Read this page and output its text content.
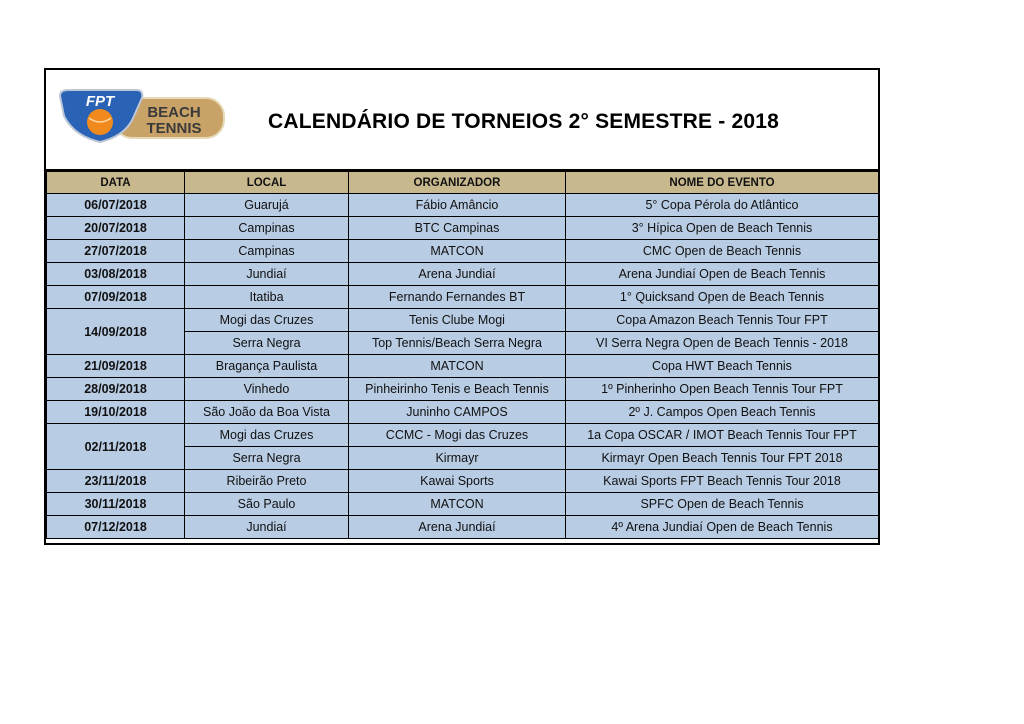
FPT
BEACH
TENNIS	CALENDÁRIO DE TORNEIOS 2° SEMESTRE - 2018
DATA	LOCAL	ORGANIZADOR	NOME DO EVENTO
06/07/2018	Guarujá	Fábio Amâncio	5° Copa Pérola do Atlântico
20/07/2018	Campinas	BTC Campinas	3° Hípica Open de Beach Tennis
27/07/2018	Campinas	MATCON	CMC Open de Beach Tennis
03/08/2018	Jundiaí	Arena Jundiaí	Arena Jundiaí Open de Beach Tennis
07/09/2018	Itatiba	Fernando Fernandes BT	1° Quicksand Open de Beach Tennis
14/09/2018	Mogi das Cruzes	Tenis Clube Mogi	Copa Amazon Beach Tennis Tour FPT
	Serra Negra	Top Tennis/Beach Serra Negra	VI Serra Negra Open de Beach Tennis - 2018
21/09/2018	Bragança Paulista	MATCON	Copa HWT Beach Tennis
28/09/2018	Vinhedo	Pinheirinho Tenis e Beach Tennis	1º Pinherinho Open Beach Tennis Tour FPT
19/10/2018	São João da Boa Vista	Juninho CAMPOS	2º J. Campos Open Beach Tennis
02/11/2018	Mogi das Cruzes	CCMC - Mogi das Cruzes	1a Copa OSCAR / IMOT Beach Tennis Tour FPT
	Serra Negra	Kirmayr	Kirmayr Open Beach Tennis Tour FPT 2018
23/11/2018	Ribeirão Preto	Kawai Sports	Kawai Sports FPT Beach Tennis Tour 2018
30/11/2018	São Paulo	MATCON	SPFC Open de Beach Tennis
07/12/2018	Jundiaí	Arena Jundiaí	4º Arena Jundiaí Open de Beach Tennis
